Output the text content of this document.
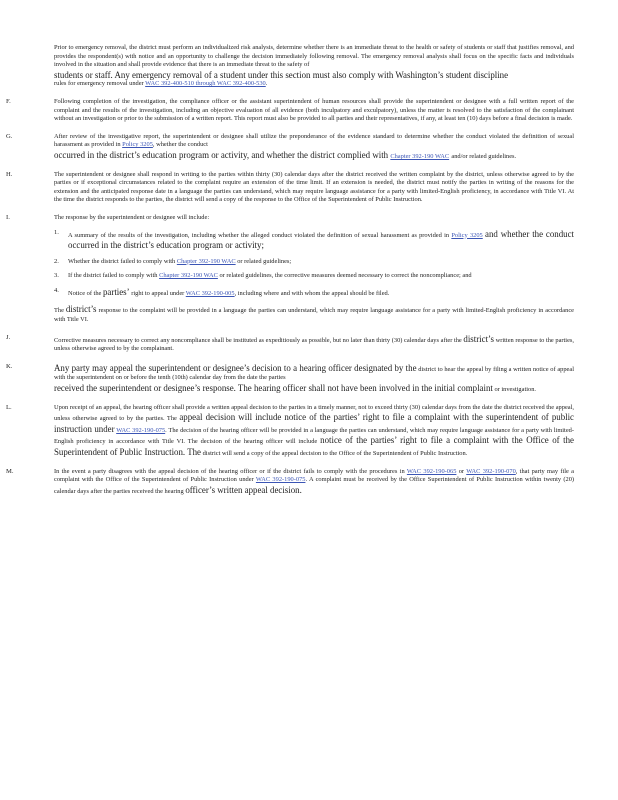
Prior to emergency removal, the district must perform an individualized risk analysis, determine whether there is an immediate threat to the health or safety of students or staff that justifies removal, and provides the respondent(s) with notice and an opportunity to challenge the decision immediately following removal. The emergency removal analysis shall focus on the specific facts and individuals involved in the situation and shall provide evidence that there is an immediate threat to the safety of

students or staff. Any emergency removal of a student under this section must also comply with Washington’s student discipline

rules for emergency removal under WAC 392-400-510 through WAC 392-400-530.

F.	Following completion of the investigation, the compliance officer or the assistant superintendent of human resources shall provide the superintendent or designee with a full written report of the complaint and the results of the investigation, including an objective evaluation of all evidence (both inculpatory and exculpatory), unless the matter is resolved to the satisfaction of the complainant without an investigation or prior to the submission of a written report. This report must also be provided to all parties and their representatives, if any, at least ten (10) days before a final decision is made.

G.	After review of the investigative report, the superintendent or designee shall utilize the preponderance of the evidence standard to determine whether the conduct violated the definition of sexual harassment as provided in Policy 3205, whether the conduct

occurred in the district’s education program or activity, and whether the district complied with Chapter 392-190 WAC and/or related guidelines.

H.	The superintendent or designee shall respond in writing to the parties within thirty (30) calendar days after the district received the written complaint by the district, unless otherwise agreed to by the parties or if exceptional circumstances related to the complaint require an extension of the time limit. If an extension is needed, the district must notify the parties in writing of the reasons for the extension and the anticipated response date in a language the parties can understand, which may require language assistance for a party with limited-English proficiency, in accordance with Title VI. At the time the district responds to the parties, the district will send a copy of the response to the Office of the Superintendent of Public Instruction.

I.	The response by the superintendent or designee will include:

1. A summary of the results of the investigation, including whether the alleged conduct violated the definition of sexual harassment as provided in Policy 3205 and whether the conduct occurred in the district’s education program or activity;

2. Whether the district failed to comply with Chapter 392-190 WAC or related guidelines;

3. If the district failed to comply with Chapter 392-190 WAC or related guidelines, the corrective measures deemed necessary to correct the noncompliance; and

4. Notice of the parties’ right to appeal under WAC 392-190-005, including where and with whom the appeal should be filed.

The district’s response to the complaint will be provided in a language the parties can understand, which may require language assistance for a party with limited-English proficiency in accordance with Title VI.

J.	Corrective measures necessary to correct any noncompliance shall be instituted as expeditiously as possible, but no later than thirty (30) calendar days after the district’s written response to the parties, unless otherwise agreed to by the complainant.

K.	Any party may appeal the superintendent or designee’s decision to a hearing officer designated by the district to hear the appeal by filing a written notice of appeal with the superintendent on or before the tenth (10th) calendar day from the date the parties

received the superintendent or designee’s response. The hearing officer shall not have been involved in the initial complaint or investigation.

L.	Upon receipt of an appeal, the hearing officer shall provide a written appeal decision to the parties in a timely manner, not to exceed thirty (30) calendar days from the date the district received the appeal, unless otherwise agreed to by the parties. The appeal decision will include notice of the parties’ right to file a complaint with the superintendent of public instruction under WAC 392-190-075. The decision of the hearing officer will be provided in a language the parties can understand, which may require language assistance for a party with limited-English proficiency in accordance with Title VI. The decision of the hearing officer will include notice of the parties’ right to file a complaint with the Office of the Superintendent of Public Instruction. The district will send a copy of the appeal decision to the Office of the Superintendent of Public Instruction.

M.	In the event a party disagrees with the appeal decision of the hearing officer or if the district fails to comply with the procedures in WAC 392-190-065 or WAC 392-190-070, that party may file a complaint with the Office of the Superintendent of Public Instruction under WAC 392-190-075. A complaint must be received by the Office Superintendent of Public Instruction within twenty (20) calendar days after the parties received the hearing officer’s written appeal decision.
